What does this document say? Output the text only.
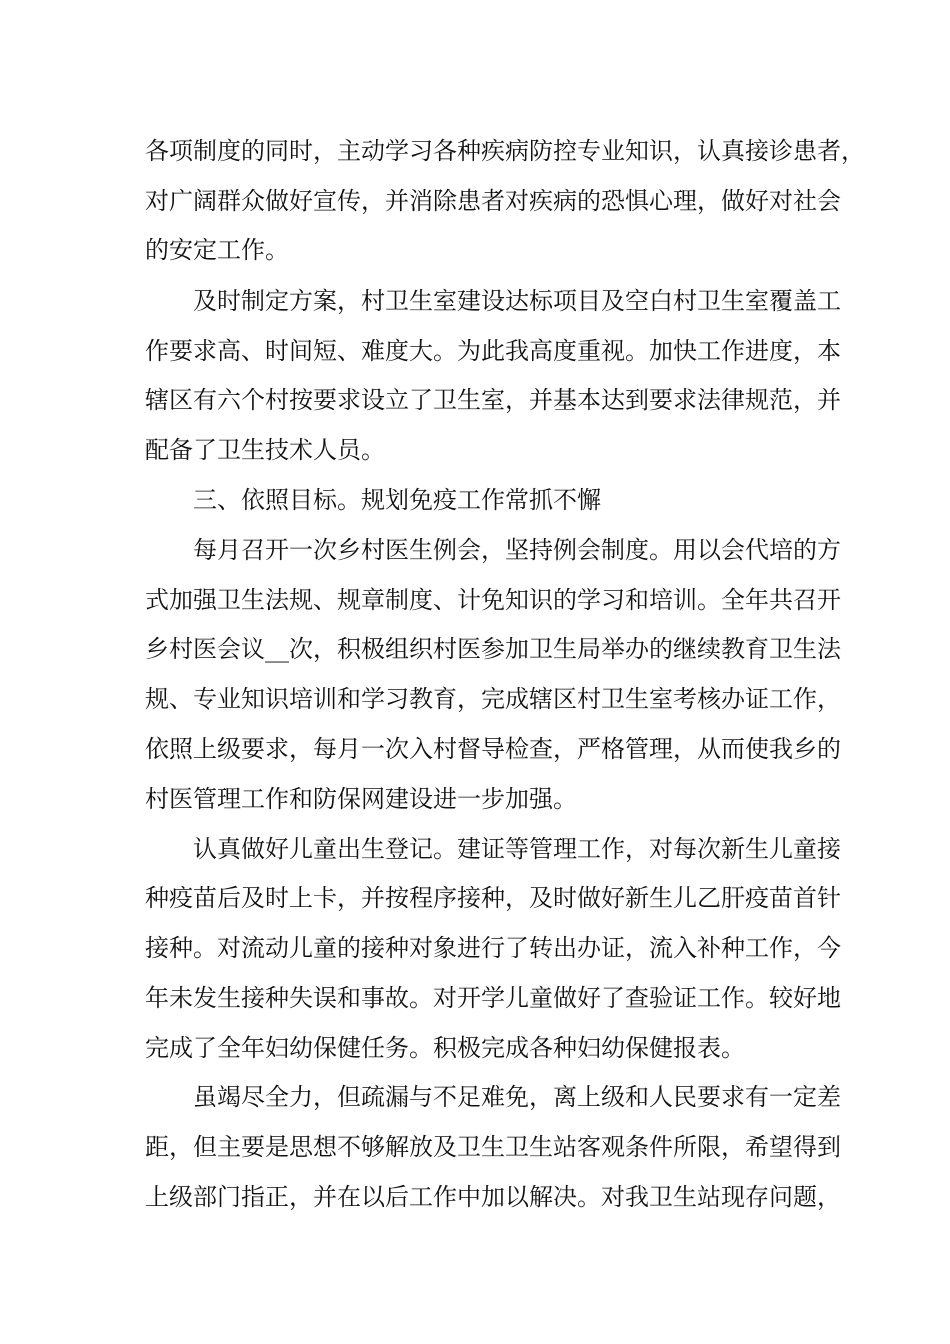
各项制度的同时，主动学习各种疾病防控专业知识，认真接诊患者，
对广阔群众做好宣传，并消除患者对疾病的恐惧心理，做好对社会
的安定工作。
及时制定方案，村卫生室建设达标项目及空白村卫生室覆盖工
作要求高、时间短、难度大。为此我高度重视。加快工作进度，本
辖区有六个村按要求设立了卫生室，并基本达到要求法律规范，并
配备了卫生技术人员。
三、依照目标。规划免疫工作常抓不懈
每月召开一次乡村医生例会，坚持例会制度。用以会代培的方
式加强卫生法规、规章制度、计免知识的学习和培训。全年共召开
乡村医会议__次，积极组织村医参加卫生局举办的继续教育卫生法
规、专业知识培训和学习教育，完成辖区村卫生室考核办证工作，
依照上级要求，每月一次入村督导检查，严格管理，从而使我乡的
村医管理工作和防保网建设进一步加强。
认真做好儿童出生登记。建证等管理工作，对每次新生儿童接
种疫苗后及时上卡，并按程序接种，及时做好新生儿乙肝疫苗首针
接种。对流动儿童的接种对象进行了转出办证，流入补种工作，今
年未发生接种失误和事故。对开学儿童做好了查验证工作。较好地
完成了全年妇幼保健任务。积极完成各种妇幼保健报表。
虽竭尽全力，但疏漏与不足难免，离上级和人民要求有一定差
距，但主要是思想不够解放及卫生卫生站客观条件所限，希望得到
上级部门指正，并在以后工作中加以解决。对我卫生站现存问题，
